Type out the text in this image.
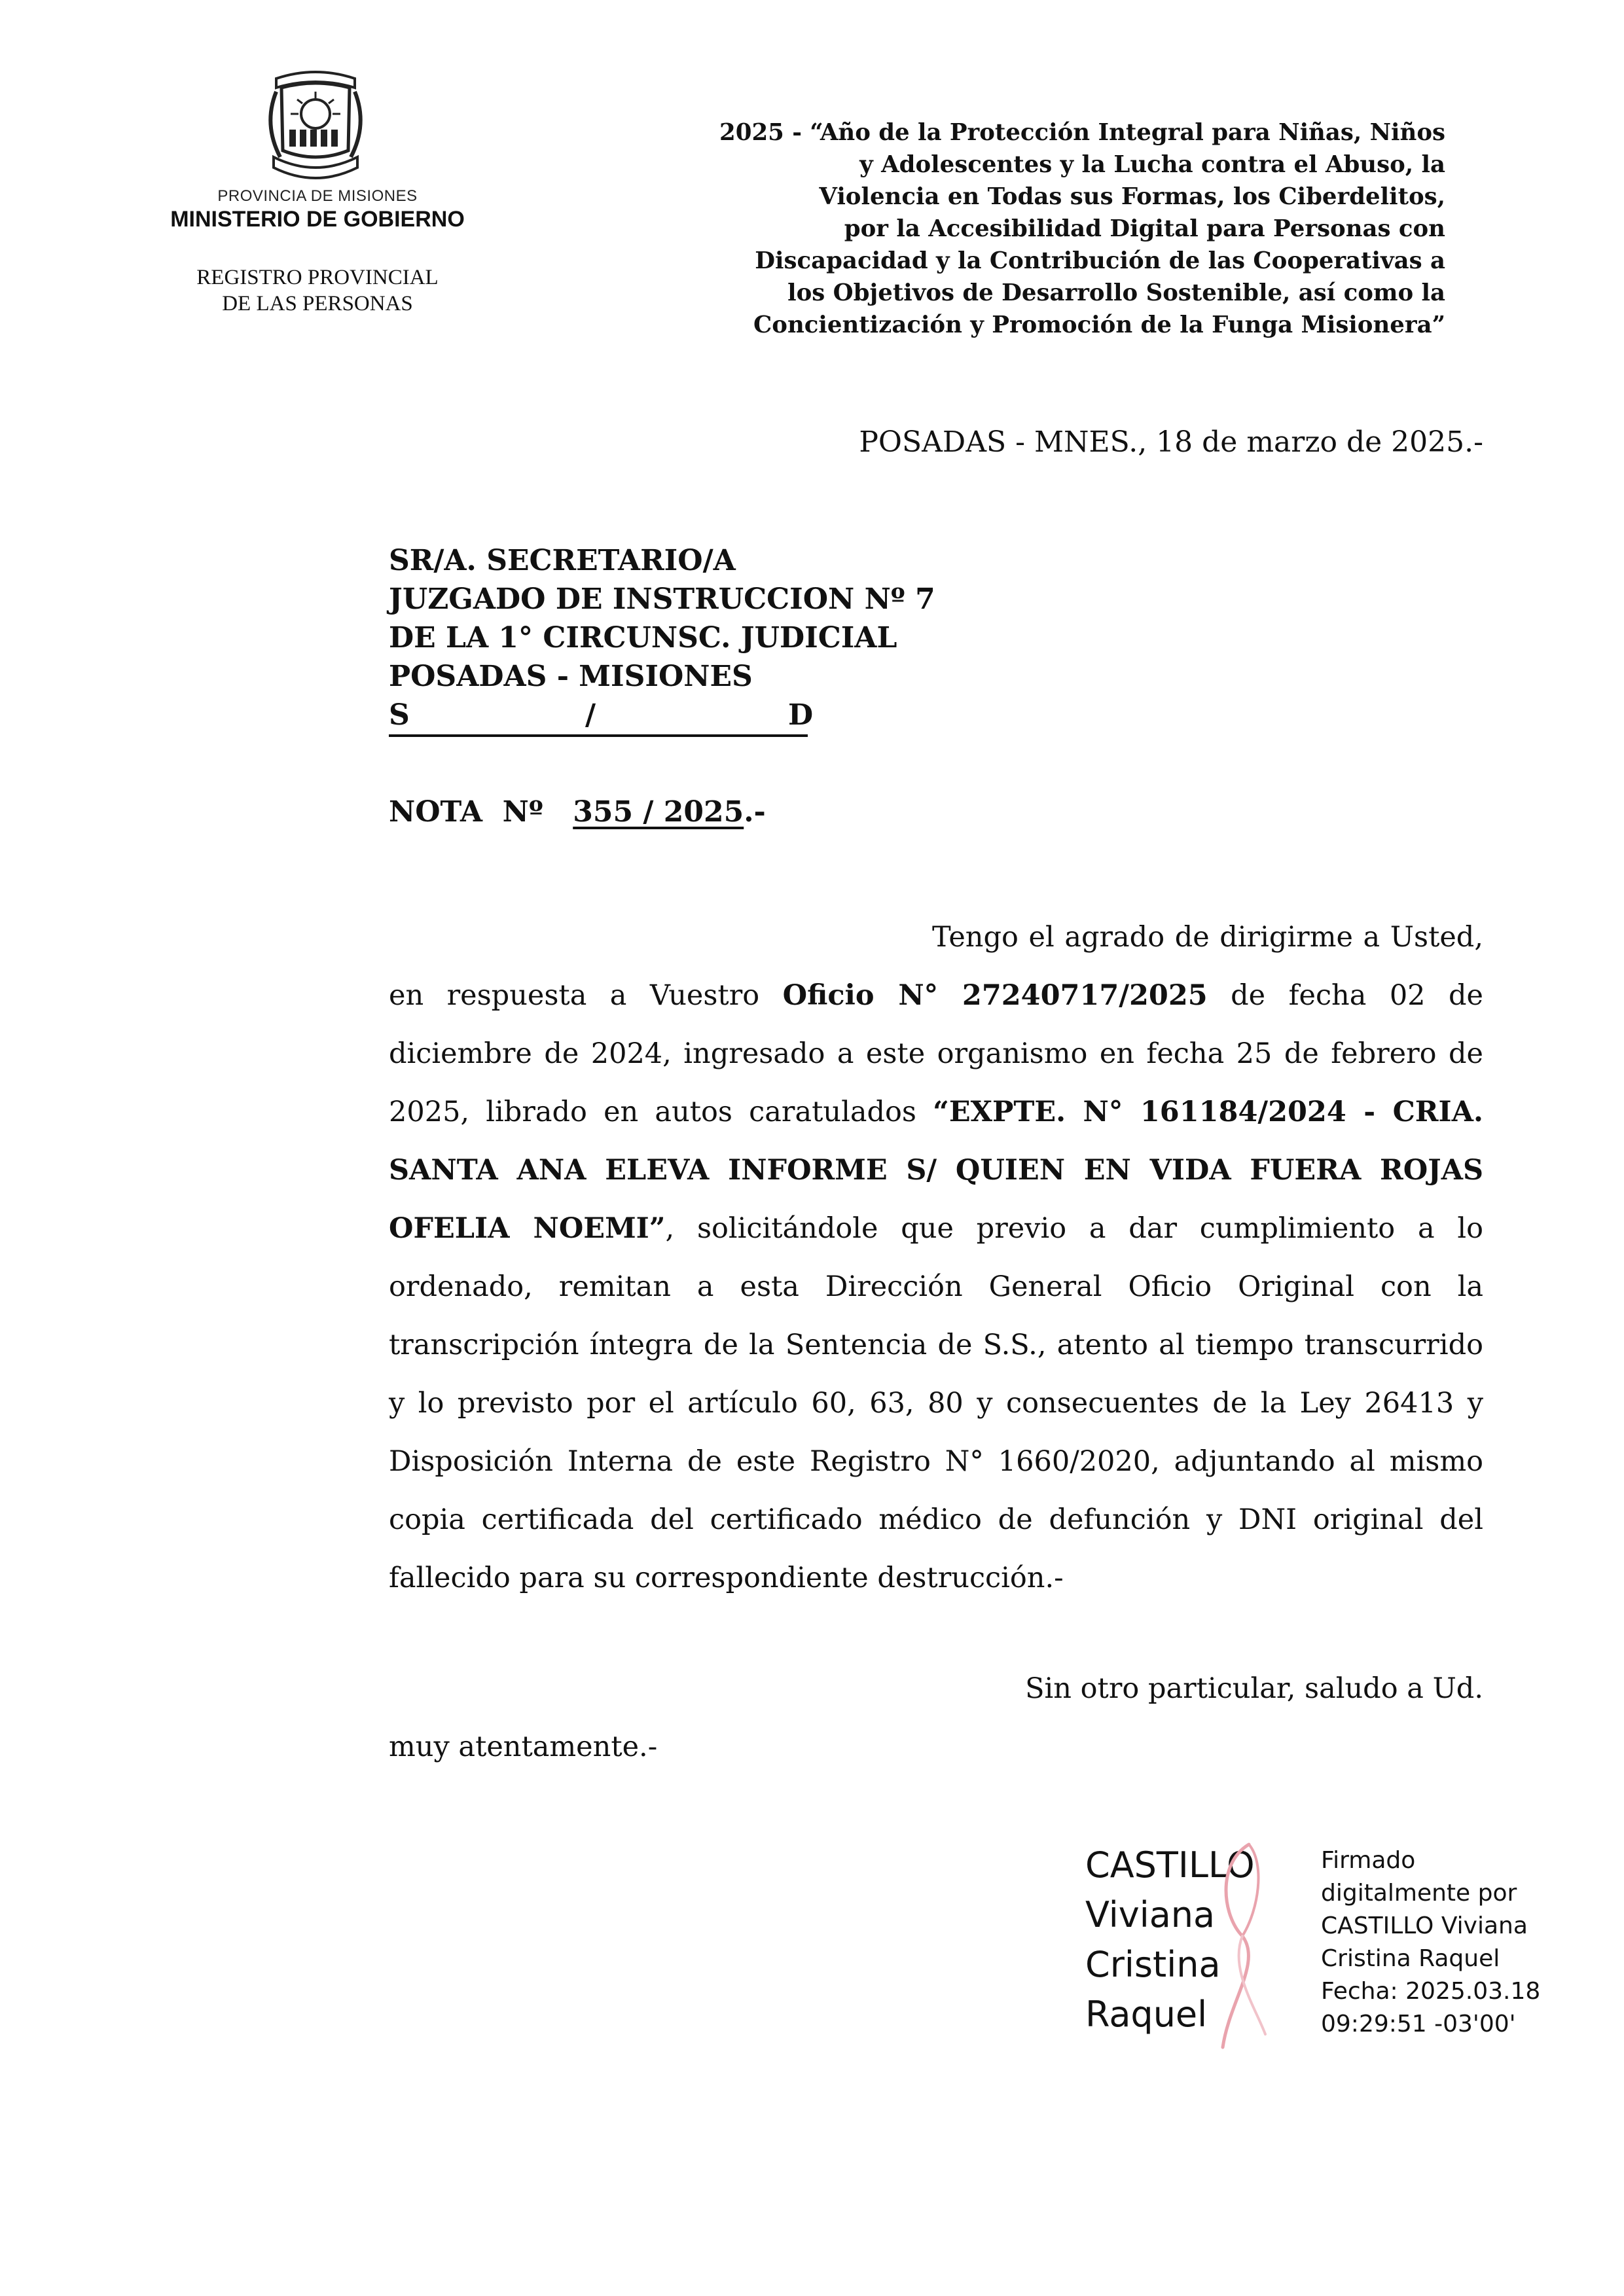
PROVINCIA DE MISIONES
MINISTERIO DE GOBIERNO
REGISTRO PROVINCIAL
DE LAS PERSONAS
2025 - “Año de la Protección Integral para Niñas, Niños
y Adolescentes y la Lucha contra el Abuso, la
Violencia en Todas sus Formas, los Ciberdelitos,
por la Accesibilidad Digital para Personas con
Discapacidad y la Contribución de las Cooperativas a
los Objetivos de Desarrollo Sostenible, así como la
Concientización y Promoción de la Funga Misionera”
POSADAS - MNES., 18 de marzo de 2025.-
SR/A. SECRETARIO/A
JUZGADO DE INSTRUCCION Nº 7
DE LA 1° CIRCUNSC. JUDICIAL
POSADAS - MISIONES
S	/	D
NOTA  Nº 355 / 2025.-
Tengo el agrado de dirigirme a Usted, en respuesta a Vuestro Oficio N° 27240717/2025 de fecha 02 de diciembre de 2024, ingresado a este organismo en fecha 25 de febrero de 2025, librado en autos caratulados “EXPTE. N° 161184/2024 - CRIA. SANTA ANA ELEVA INFORME S/ QUIEN EN VIDA FUERA ROJAS OFELIA NOEMI”, solicitándole que previo a dar cumplimiento a lo ordenado, remitan a esta Dirección General Oficio Original con la transcripción íntegra de la Sentencia de S.S., atento al tiempo transcurrido y lo previsto por el artículo 60, 63, 80 y consecuentes de la Ley 26413 y Disposición Interna de este Registro N° 1660/2020, adjuntando al mismo copia certificada del certificado médico de defunción y DNI original del fallecido para su correspondiente destrucción.-
Sin otro particular, saludo a Ud.
muy atentamente.-
CASTILLO
Viviana
Cristina
Raquel
Firmado
digitalmente por
CASTILLO Viviana
Cristina Raquel
Fecha: 2025.03.18
09:29:51 -03'00'
